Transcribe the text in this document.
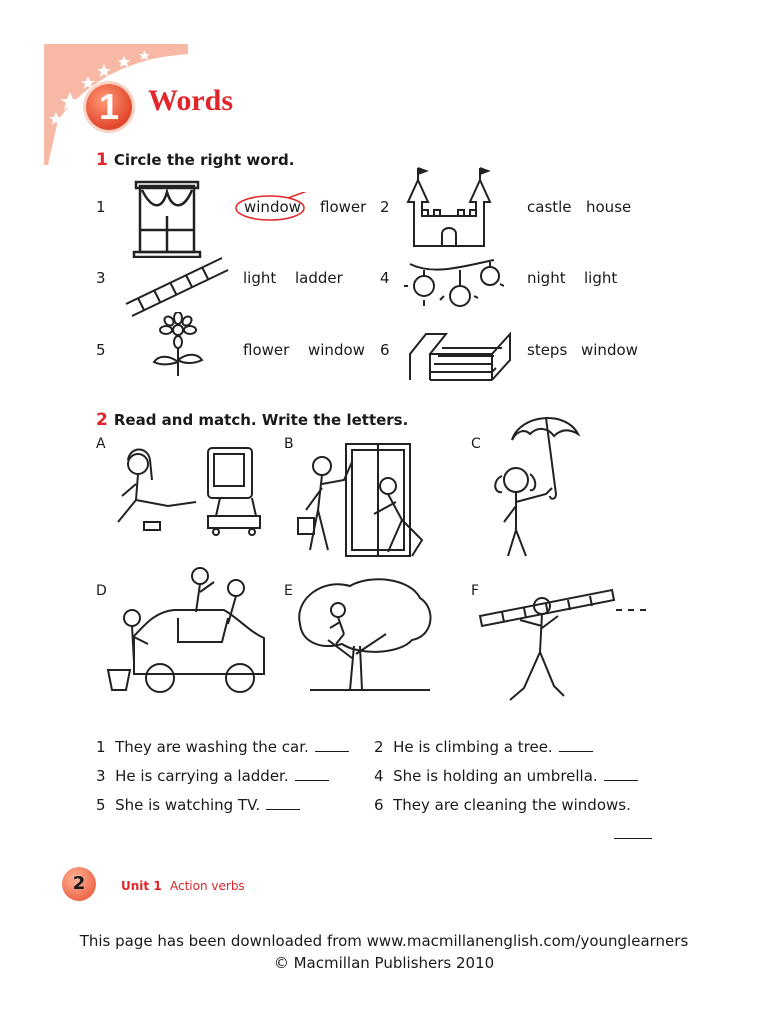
1 Words
1 Circle the right word.
1	window flower 2	castle house
3	light ladder 4	night light
5	flower window 6	steps window
2 Read and match. Write the letters.
A	B	C
D	E	F
1 They are washing the car.	2 He is climbing a tree.
3 He is carrying a ladder.	4 She is holding an umbrella.
5 She is watching TV.	6 They are cleaning the windows.
2	Unit 1 Action verbs
This page has been downloaded from www.macmillanenglish.com/younglearners
© Macmillan Publishers 2010
